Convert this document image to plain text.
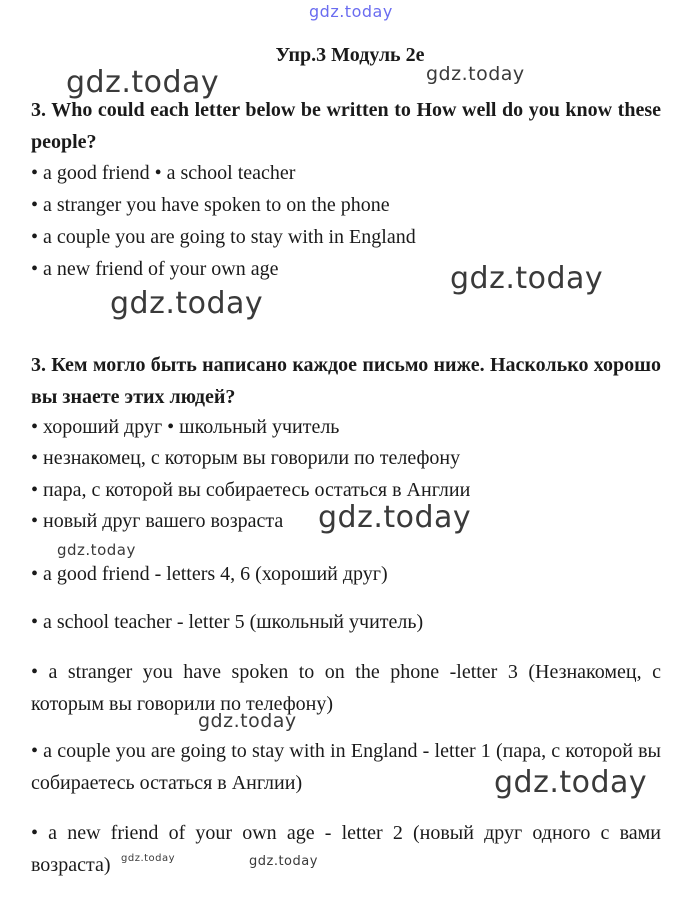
gdz.today
gdz.today	gdz.today
gdz.today
gdz.today
gdz.today
gdz.today
gdz.today
gdz.today
gdz.today	gdz.today
Упр.3 Модуль 2е

3. Who could each letter below be written to How well do you know these people?

• a good friend • a school teacher

• a stranger you have spoken to on the phone

• a couple you are going to stay with in England

• a new friend of your own age

3. Кем могло быть написано каждое письмо ниже. Насколько хорошо вы знаете этих людей?

• хороший друг • школьный учитель

• незнакомец, с которым вы говорили по телефону

• пара, с которой вы собираетесь остаться в Англии

• новый друг вашего возраста

• a good friend - letters 4, 6 (хороший друг)

• a school teacher - letter 5 (школьный учитель)

• a stranger you have spoken to on the phone -letter 3 (Незнакомец, с которым вы говорили по телефону)

• a couple you are going to stay with in England - letter 1 (пара, с которой вы собираетесь остаться в Англии)

• a new friend of your own age - letter 2 (новый друг одного с вами возраста)
